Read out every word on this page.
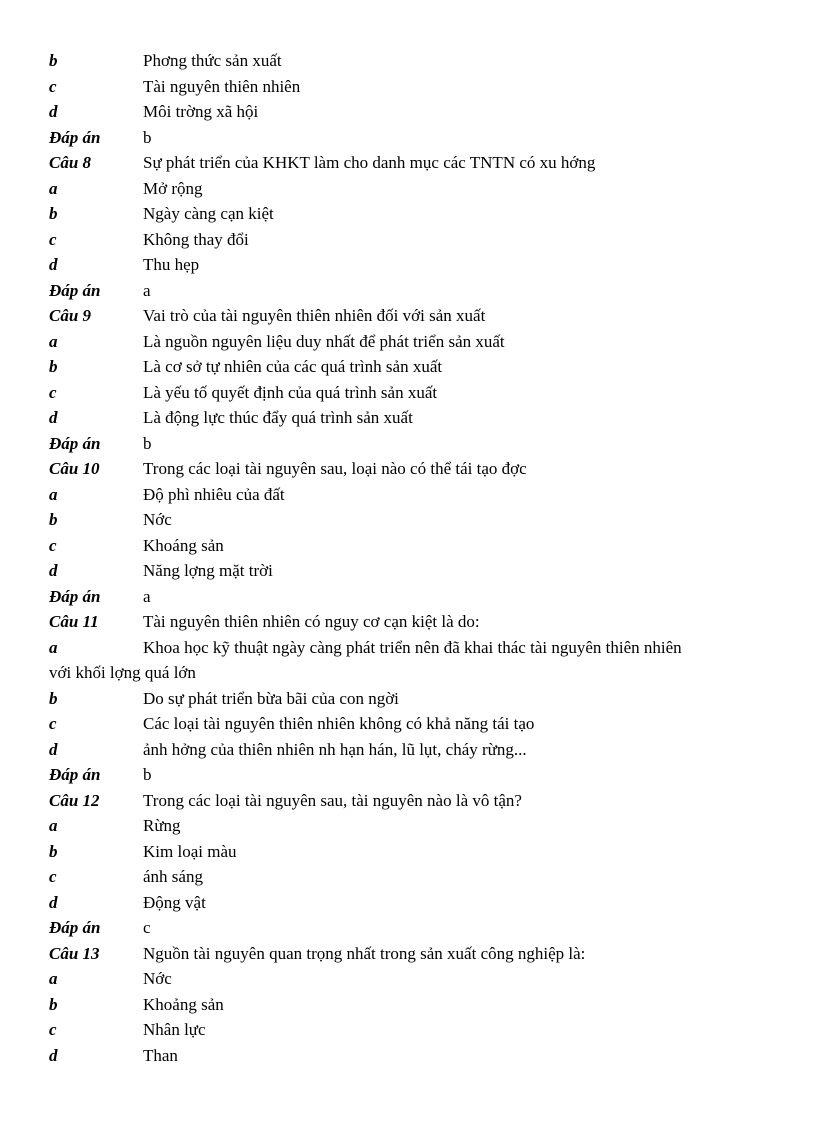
b	Phơng thức sản xuất
c	Tài nguyên thiên nhiên
d	Môi trờng xã hội
Đáp án	b
Câu 8	Sự phát triển của KHKT làm cho danh mục các TNTN có xu hớng
a	Mở rộng
b	Ngày càng cạn kiệt
c	Không thay đổi
d	Thu hẹp
Đáp án	a
Câu 9	Vai trò của tài nguyên thiên nhiên đối với sản xuất
a	Là nguồn nguyên liệu duy nhất để phát triển sản xuất
b	Là cơ sở tự nhiên của các quá trình sản xuất
c	Là yếu tố quyết định của quá trình sản xuất
d	Là động lực thúc đẩy quá trình sản xuất
Đáp án	b
Câu 10	Trong các loại tài nguyên sau, loại nào có thể tái tạo đợc
a	Độ phì nhiêu của đất
b	Nớc
c	Khoáng sản
d	Năng lợng mặt trời
Đáp án	a
Câu 11	Tài nguyên thiên nhiên có nguy cơ cạn kiệt là do:
a	Khoa học kỹ thuật ngày càng phát triển nên đã khai thác tài nguyên thiên nhiên
với khối lợng quá lớn
b	Do sự phát triển bừa bãi của con ngời
c	Các loại tài nguyên thiên nhiên không có khả năng tái tạo
d	ảnh hởng của thiên nhiên nh hạn hán, lũ lụt, cháy rừng...
Đáp án	b
Câu 12	Trong các loại tài nguyên sau, tài nguyên nào là vô tận?
a	Rừng
b	Kim loại màu
c	ánh sáng
d	Động vật
Đáp án	c
Câu 13	Nguồn tài nguyên quan trọng nhất trong sản xuất công nghiệp là:
a	Nớc
b	Khoảng sản
c	Nhân lực
d	Than
